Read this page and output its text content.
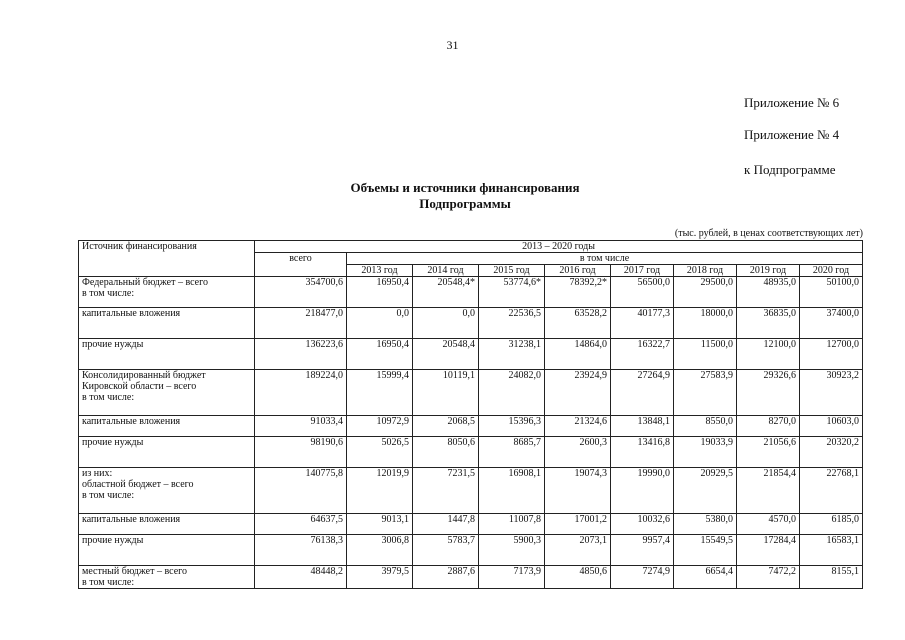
31
Приложение № 6
Приложение № 4
к Подпрограмме
Объемы и источники финансирования
Подпрограммы
(тыс. рублей, в ценах соответствующих лет)
Источник финансирования	2013 – 2020 годы								
	всего	в том числе							
		2013 год	2014 год	2015 год	2016 год	2017 год	2018 год	2019 год	2020 год
Федеральный бюджет – всего
в том числе:	354700,6	16950,4	20548,4*	53774,6*	78392,2*	56500,0	29500,0	48935,0	50100,0
капитальные вложения	218477,0	0,0	0,0	22536,5	63528,2	40177,3	18000,0	36835,0	37400,0
прочие нужды	136223,6	16950,4	20548,4	31238,1	14864,0	16322,7	11500,0	12100,0	12700,0
Консолидированный бюджет
Кировской области – всего
в том числе:	189224,0	15999,4	10119,1	24082,0	23924,9	27264,9	27583,9	29326,6	30923,2
капитальные вложения	91033,4	10972,9	2068,5	15396,3	21324,6	13848,1	8550,0	8270,0	10603,0
прочие нужды	98190,6	5026,5	8050,6	8685,7	2600,3	13416,8	19033,9	21056,6	20320,2
из них:
областной бюджет – всего
в том числе:	140775,8	12019,9	7231,5	16908,1	19074,3	19990,0	20929,5	21854,4	22768,1
капитальные вложения	64637,5	9013,1	1447,8	11007,8	17001,2	10032,6	5380,0	4570,0	6185,0
прочие нужды	76138,3	3006,8	5783,7	5900,3	2073,1	9957,4	15549,5	17284,4	16583,1
местный бюджет – всего
в том числе:	48448,2	3979,5	2887,6	7173,9	4850,6	7274,9	6654,4	7472,2	8155,1
